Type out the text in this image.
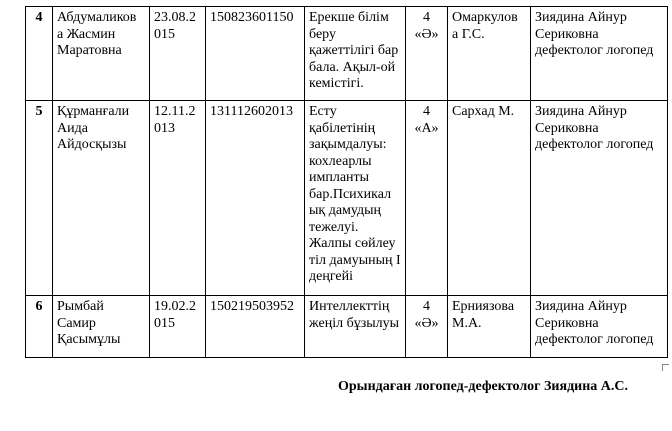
4	Абдумаликов а Жасмин Маратовна	23.08.2 015	150823601150	Ерекше білім беру қажеттілігі бар бала. Ақыл-ой кемістігі.	4 «Ә»	Омаркулов а Г.С.	Зиядина Айнур Сериковна дефектолог логопед
5	Құрманғали Аида Айдосқызы	12.11.2 013	131112602013	Есту қабілетінің зақымдалуы: кохлеарлы импланты бар.Психикал ық дамудың тежелуі. Жалпы сөйлеу тіл дамуының I деңгейі	4 «А»	Сархад М.	Зиядина Айнур Сериковна дефектолог логопед
6	Рымбай Самир Қасымұлы	19.02.2 015	150219503952	Интеллекттің жеңіл бұзылуы	4 «Ә»	Ерниязова М.А.	Зиядина Айнур Сериковна дефектолог логопед
Орындаған логопед-дефектолог Зиядина А.С.
